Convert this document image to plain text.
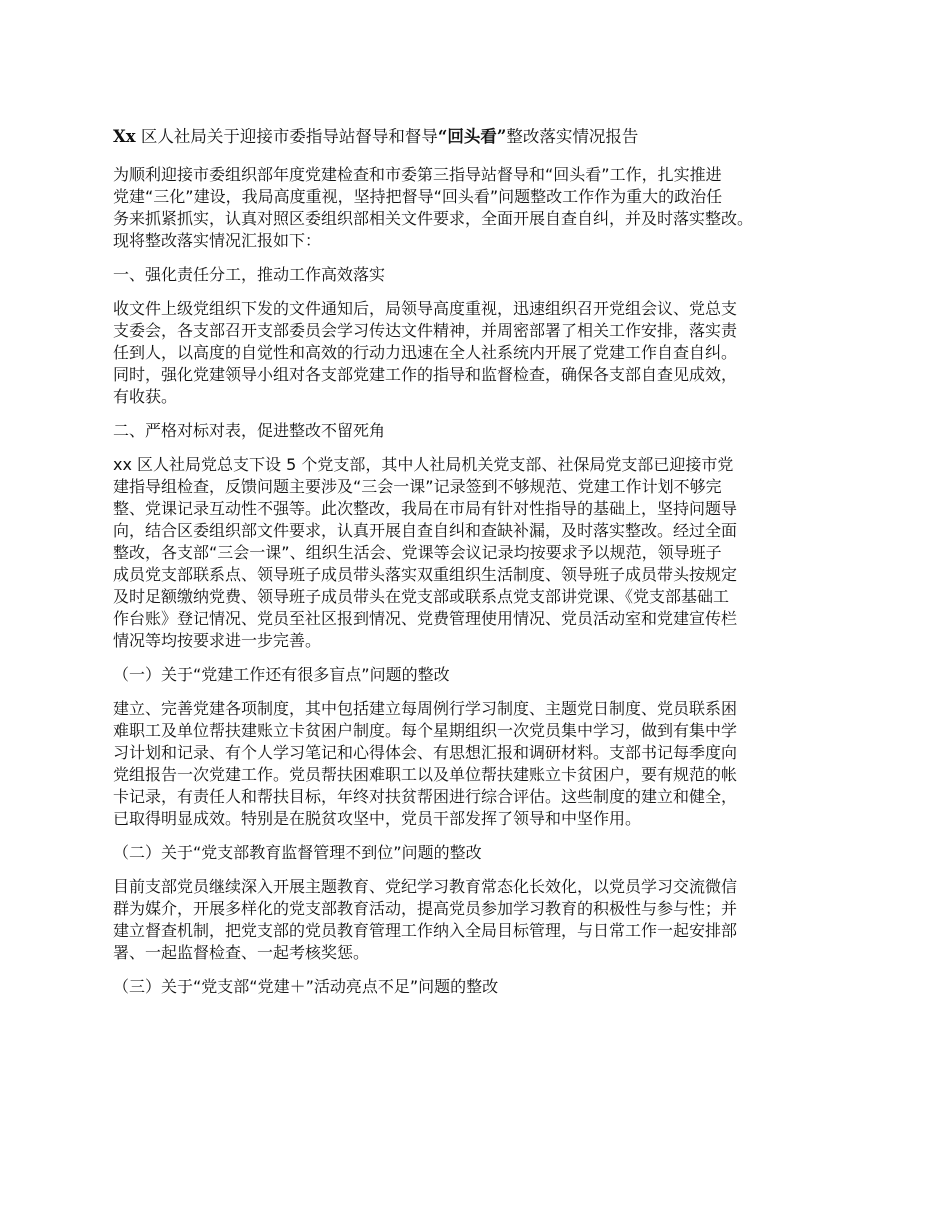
Xx 区人社局关于迎接市委指导站督导和督导“回头看”整改落实情况报告
为顺利迎接市委组织部年度党建检查和市委第三指导站督导和“回头看”工作，扎实推进
党建“三化”建设，我局高度重视，坚持把督导“回头看”问题整改工作作为重大的政治任
务来抓紧抓实，认真对照区委组织部相关文件要求，全面开展自查自纠，并及时落实整改。
现将整改落实情况汇报如下：
一、强化责任分工，推动工作高效落实
收文件上级党组织下发的文件通知后，局领导高度重视，迅速组织召开党组会议、党总支
支委会，各支部召开支部委员会学习传达文件精神，并周密部署了相关工作安排，落实责
任到人，以高度的自觉性和高效的行动力迅速在全人社系统内开展了党建工作自查自纠。
同时，强化党建领导小组对各支部党建工作的指导和监督检查，确保各支部自查见成效，
有收获。
二、严格对标对表，促进整改不留死角
xx 区人社局党总支下设 5 个党支部，其中人社局机关党支部、社保局党支部已迎接市党
建指导组检查，反馈问题主要涉及“三会一课”记录签到不够规范、党建工作计划不够完
整、党课记录互动性不强等。此次整改，我局在市局有针对性指导的基础上，坚持问题导
向，结合区委组织部文件要求，认真开展自查自纠和查缺补漏，及时落实整改。经过全面
整改，各支部“三会一课”、组织生活会、党课等会议记录均按要求予以规范，领导班子
成员党支部联系点、领导班子成员带头落实双重组织生活制度、领导班子成员带头按规定
及时足额缴纳党费、领导班子成员带头在党支部或联系点党支部讲党课、《党支部基础工
作台账》登记情况、党员至社区报到情况、党费管理使用情况、党员活动室和党建宣传栏
情况等均按要求进一步完善。
（一）关于“党建工作还有很多盲点”问题的整改
建立、完善党建各项制度，其中包括建立每周例行学习制度、主题党日制度、党员联系困
难职工及单位帮扶建账立卡贫困户制度。每个星期组织一次党员集中学习，做到有集中学
习计划和记录、有个人学习笔记和心得体会、有思想汇报和调研材料。支部书记每季度向
党组报告一次党建工作。党员帮扶困难职工以及单位帮扶建账立卡贫困户，要有规范的帐
卡记录，有责任人和帮扶目标，年终对扶贫帮困进行综合评估。这些制度的建立和健全，
已取得明显成效。特别是在脱贫攻坚中，党员干部发挥了领导和中坚作用。
（二）关于“党支部教育监督管理不到位”问题的整改
目前支部党员继续深入开展主题教育、党纪学习教育常态化长效化，以党员学习交流微信
群为媒介，开展多样化的党支部教育活动，提高党员参加学习教育的积极性与参与性；并
建立督查机制，把党支部的党员教育管理工作纳入全局目标管理，与日常工作一起安排部
署、一起监督检查、一起考核奖惩。
（三）关于“党支部“党建＋”活动亮点不足”问题的整改
